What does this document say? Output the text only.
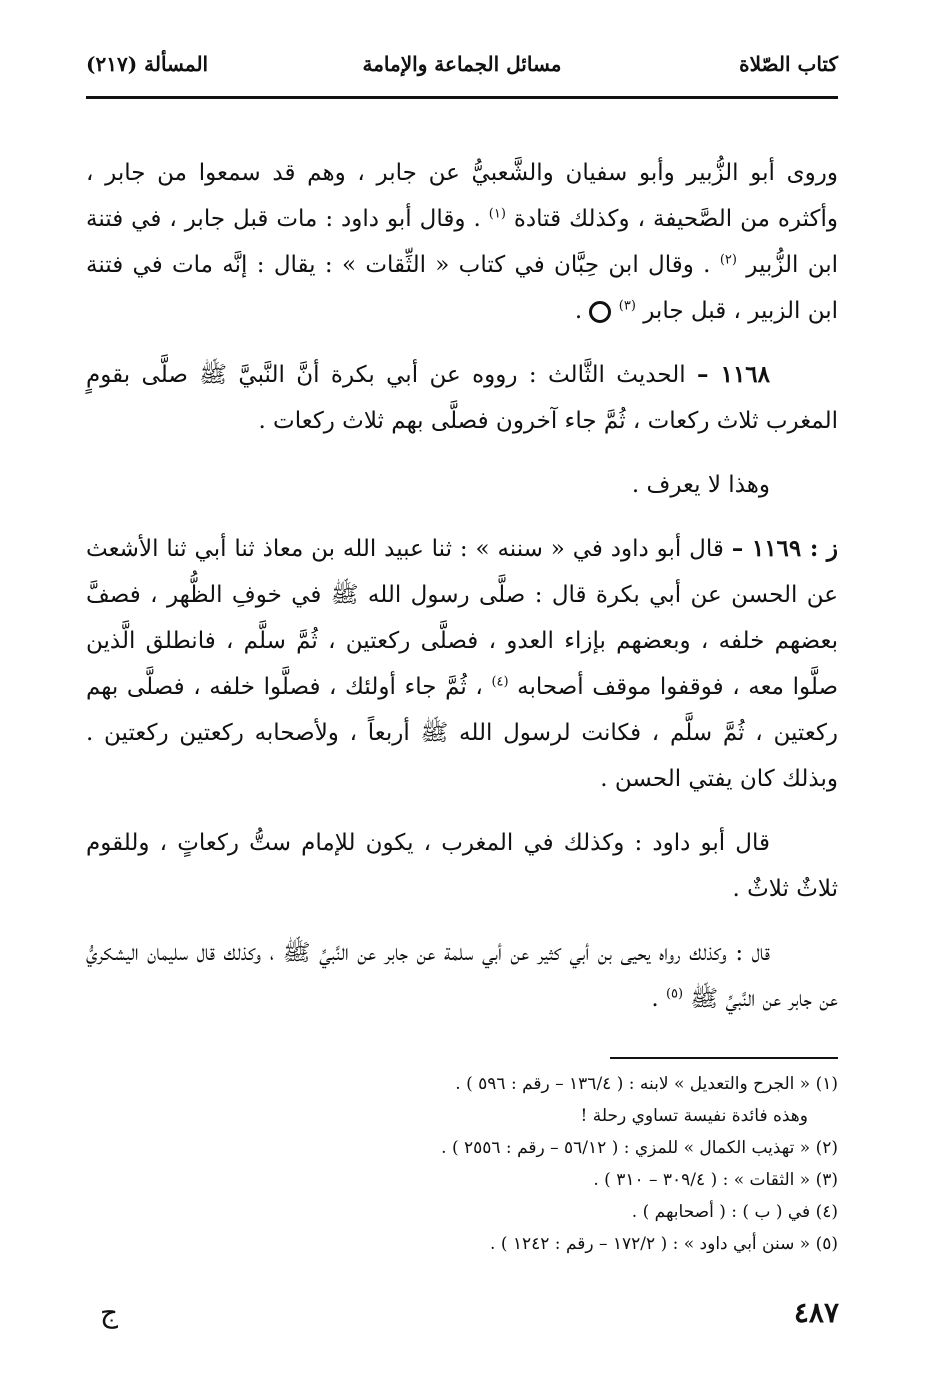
كتاب الصّلاة
مسائل الجماعة والإمامة
المسألة (٢١٧)

وروى أبو الزُّبير وأبو سفيان والشَّعبيُّ عن جابر ، وهم قد سمعوا من جابر ، وأكثره من الصَّحيفة ، وكذلك قتادة $^{(١)}$ . وقال أبو داود : مات قبل جابر ، في فتنة ابن الزُّبير $^{(٢)}$ . وقال ابن حِبَّان في كتاب « الثِّقات » : يقال : إنَّه مات في فتنة ابن الزبير ، قبل جابر $^{(٣)}$  .

١١٦٨ – الحديث الثَّالث : رووه عن أبي بكرة أنَّ النَّبيَّ ﷺ صلَّى بقومٍ المغرب ثلاث ركعات ، ثُمَّ جاء آخرون فصلَّى بهم ثلاث ركعات .

وهذا لا يعرف .

ز : ١١٦٩ – قال أبو داود في « سننه » : ثنا عبيد الله بن معاذ ثنا أبي ثنا الأشعث عن الحسن عن أبي بكرة قال : صلَّى رسول الله ﷺ في خوفِ الظُّهر ، فصفَّ بعضهم خلفه ، وبعضهم بإزاء العدو ، فصلَّى ركعتين ، ثُمَّ سلَّم ، فانطلق الَّذين صلَّوا معه ، فوقفوا موقف أصحابه $^{(٤)}$ ، ثُمَّ جاء أولئك ، فصلَّوا خلفه ، فصلَّى بهم ركعتين ، ثُمَّ سلَّم ، فكانت لرسول الله ﷺ أربعاً ، ولأصحابه ركعتين ركعتين . وبذلك كان يفتي الحسن .

قال أبو داود : وكذلك في المغرب ، يكون للإمام ستُّ ركعاتٍ ، وللقوم ثلاثٌ ثلاثٌ .

قال : وكذلك رواه يحيى بن أبي كثير عن أبي سلمة عن جابر عن النَّبيِّ ﷺ ، وكذلك قال سليمان اليشكريُّ عن جابر عن النَّبيِّ ﷺ $^{(٥)}$ .

(١) « الجرح والتعديل » لابنه : ( ١٣٦/٤ – رقم : ٥٩٦ ) .

وهذه فائدة نفيسة تساوي رحلة !

(٢) « تهذيب الكمال » للمزي : ( ٥٦/١٢ – رقم : ٢٥٥٦ ) .

(٣) « الثقات » : ( ٣٠٩/٤ – ٣١٠ ) .

(٤) في ( ب ) : ( أصحابهم ) .

(٥) « سنن أبي داود » : ( ١٧٢/٢ – رقم : ١٢٤٢ ) .

٤٨٧
ج
